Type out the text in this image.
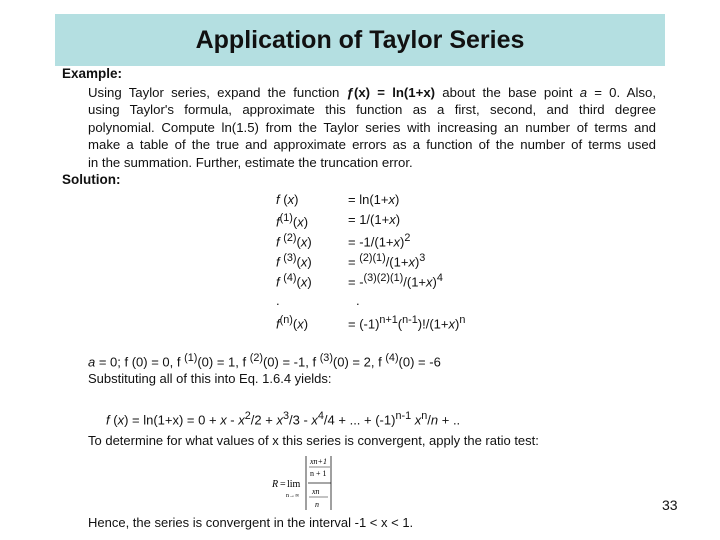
Application of Taylor Series
Example:
Using Taylor series, expand the function ƒ(x) = ln(1+x) about the base point a = 0. Also,
using Taylor's formula, approximate this function as a first, second, and third degree
polynomial. Compute ln(1.5) from the Taylor series with increasing an number of terms and
make a table of the true and approximate errors as a function of the number of terms used
in the summation. Further, estimate the truncation error.
Solution:
f (x)	= ln(1+x)
$f^{(1)}(x)$	= 1/(1+x)
f $^{(2)}$(x)	= $-1/(1+x)^2$
f $^{(3)}$(x)	= $^{(2)(1)}/(1+x)^3$
f $^{(4)}$(x)	= $-^{(3)(2)(1)}/(1+x)^4$
.	.
$f^{(n)}(x)$	= $(-1)^{n+1}(^{n-1})!/(1+x)^n$
a = 0; f (0) = 0, f $^{(1)}$(0) = 1, f $^{(2)}$(0) = -1, f $^{(3)}$(0) = 2, f $^{(4)}$(0) = -6
Substituting all of this into Eq. 1.6.4 yields:
f $(x) = \ln(1+x) = 0 + x - x^2/2 + x^3/3 - x^4/4$ + ... + $(-1)^{n-1}$ $x^n/n$ + ..
To determine for what values of x this series is convergent, apply the ratio test:
R = lim
n→∞
xn+1
n + 1
xn
n
Hence, the series is convergent in the interval -1 < x < 1.
33
